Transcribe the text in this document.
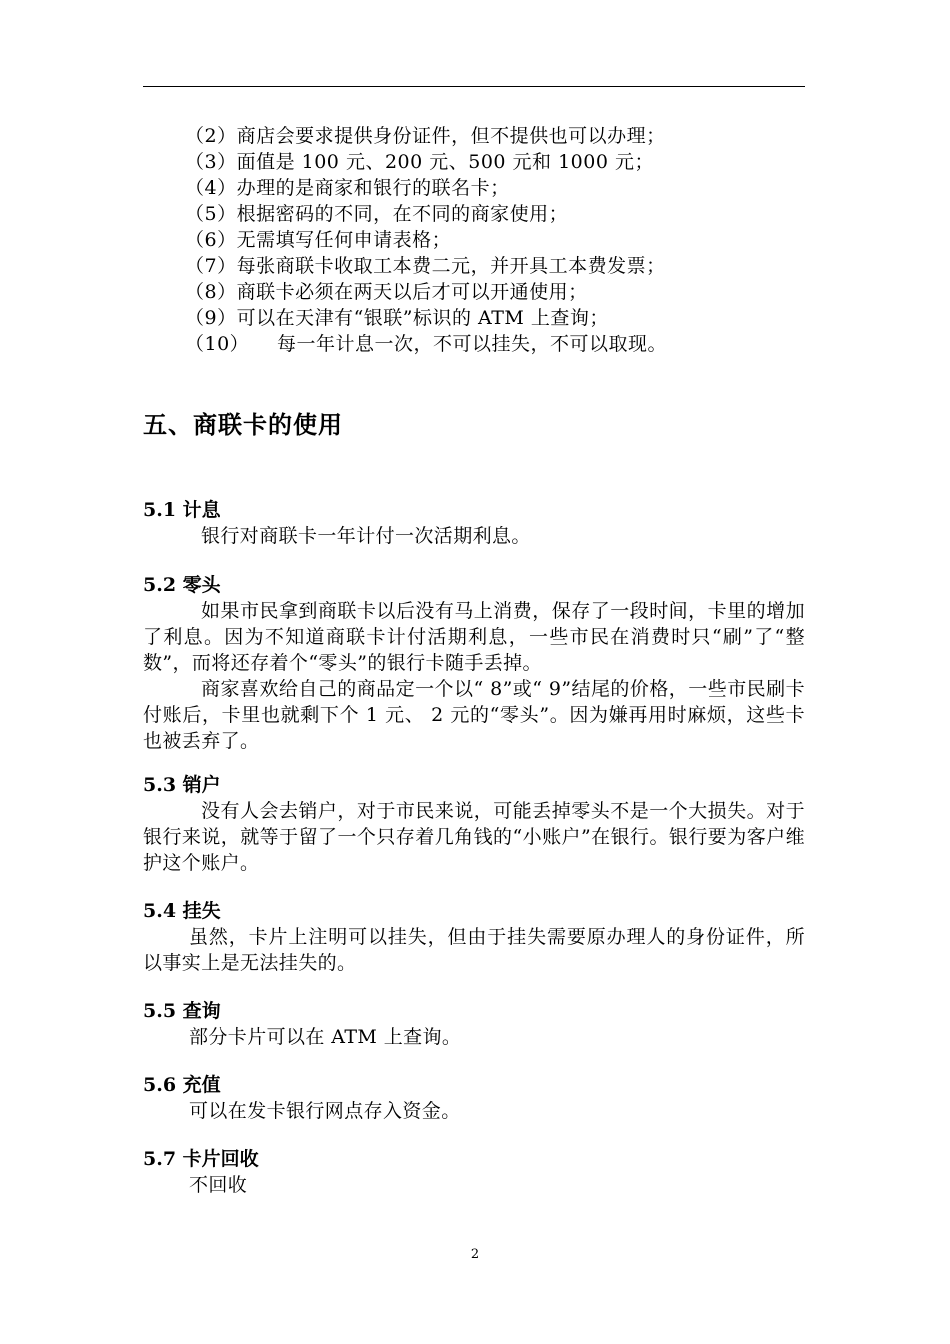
（2）商店会要求提供身份证件，但不提供也可以办理；
（3）面值是 100 元、200 元、500 元和 1000 元；
（4）办理的是商家和银行的联名卡；
（5）根据密码的不同，在不同的商家使用；
（6）无需填写任何申请表格；
（7）每张商联卡收取工本费二元，并开具工本费发票；
（8）商联卡必须在两天以后才可以开通使用；
（9）可以在天津有“银联”标识的 ATM 上查询；
（10） 每一年计息一次，不可以挂失，不可以取现。
五、商联卡的使用
5.1 计息

银行对商联卡一年计付一次活期利息。

5.2 零头

如果市民拿到商联卡以后没有马上消费，保存了一段时间，卡里的增加了利息。因为不知道商联卡计付活期利息，一些市民在消费时只“刷”了“整数”，而将还存着个“零头”的银行卡随手丢掉。

商家喜欢给自己的商品定一个以“ 8”或“ 9”结尾的价格，一些市民刷卡付账后，卡里也就剩下个 1 元、 2 元的“零头”。因为嫌再用时麻烦，这些卡也被丢弃了。

5.3 销户

没有人会去销户，对于市民来说，可能丢掉零头不是一个大损失。对于银行来说，就等于留了一个只存着几角钱的“小账户”在银行。银行要为客户维护这个账户。

5.4 挂失

虽然，卡片上注明可以挂失，但由于挂失需要原办理人的身份证件，所以事实上是无法挂失的。

5.5 查询

部分卡片可以在 ATM 上查询。

5.6 充值

可以在发卡银行网点存入资金。

5.7 卡片回收

不回收

2
